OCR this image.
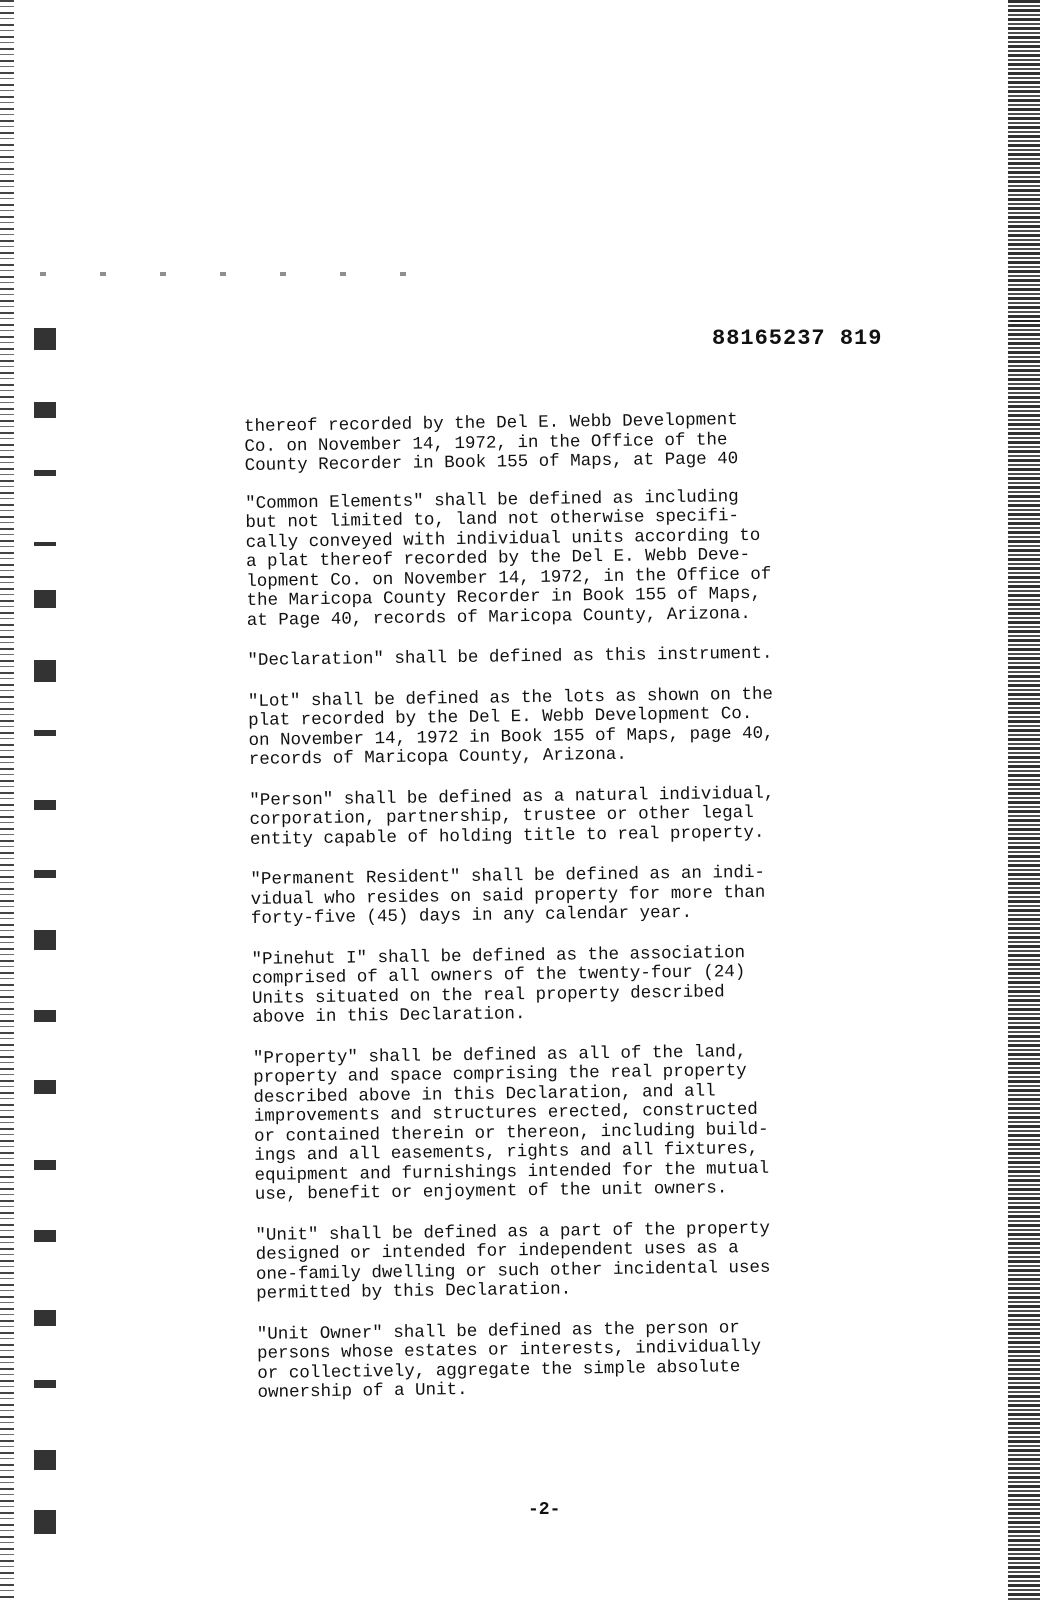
88165237 819

thereof recorded by the Del E. Webb Development
Co. on November 14, 1972, in the Office of the
County Recorder in Book 155 of Maps, at Page 40

"Common Elements" shall be defined as including
but not limited to, land not otherwise specifi-
cally conveyed with individual units according to
a plat thereof recorded by the Del E. Webb Deve-
lopment Co. on November 14, 1972, in the Office of
the Maricopa County Recorder in Book 155 of Maps,
at Page 40, records of Maricopa County, Arizona.

"Declaration" shall be defined as this instrument.

"Lot" shall be defined as the lots as shown on the
plat recorded by the Del E. Webb Development Co.
on November 14, 1972 in Book 155 of Maps, page 40,
records of Maricopa County, Arizona.

"Person" shall be defined as a natural individual,
corporation, partnership, trustee or other legal
entity capable of holding title to real property.

"Permanent Resident" shall be defined as an indi-
vidual who resides on said property for more than
forty-five (45) days in any calendar year.

"Pinehut I" shall be defined as the association
comprised of all owners of the twenty-four (24)
Units situated on the real property described
above in this Declaration.

"Property" shall be defined as all of the land,
property and space comprising the real property
described above in this Declaration, and all
improvements and structures erected, constructed
or contained therein or thereon, including build-
ings and all easements, rights and all fixtures,
equipment and furnishings intended for the mutual
use, benefit or enjoyment of the unit owners.

"Unit" shall be defined as a part of the property
designed or intended for independent uses as a
one-family dwelling or such other incidental uses
permitted by this Declaration.

"Unit Owner" shall be defined as the person or
persons whose estates or interests, individually
or collectively, aggregate the simple absolute
ownership of a Unit.

-2-
